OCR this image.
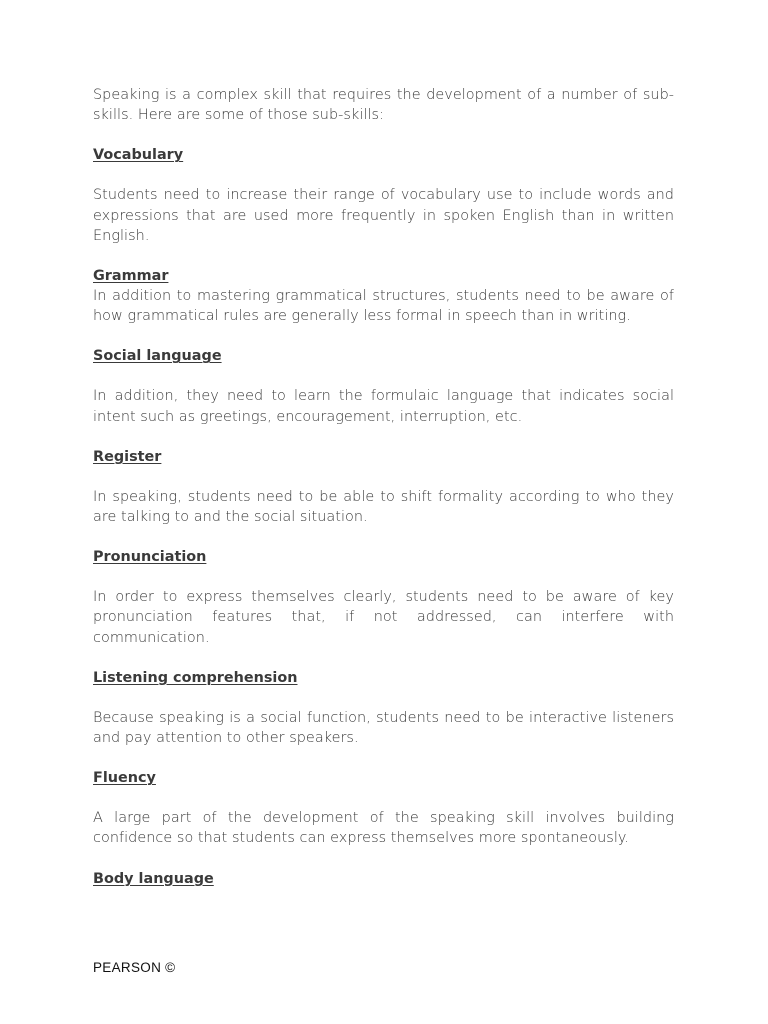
Speaking is a complex skill that requires the development of a number of sub-skills. Here are some of those sub-skills:

Vocabulary

Students need to increase their range of vocabulary use to include words and expressions that are used more frequently in spoken English than in written English.

Grammar

In addition to mastering grammatical structures, students need to be aware of how grammatical rules are generally less formal in speech than in writing.

Social language

In addition, they need to learn the formulaic language that indicates social intent such as greetings, encouragement, interruption, etc.

Register

In speaking, students need to be able to shift formality according to who they are talking to and the social situation.

Pronunciation

In order to express themselves clearly, students need to be aware of key pronunciation features that, if not addressed, can interfere with communication.

Listening comprehension

Because speaking is a social function, students need to be interactive listeners and pay attention to other speakers.

Fluency

A large part of the development of the speaking skill involves building confidence so that students can express themselves more spontaneously.

Body language

PEARSON ©
